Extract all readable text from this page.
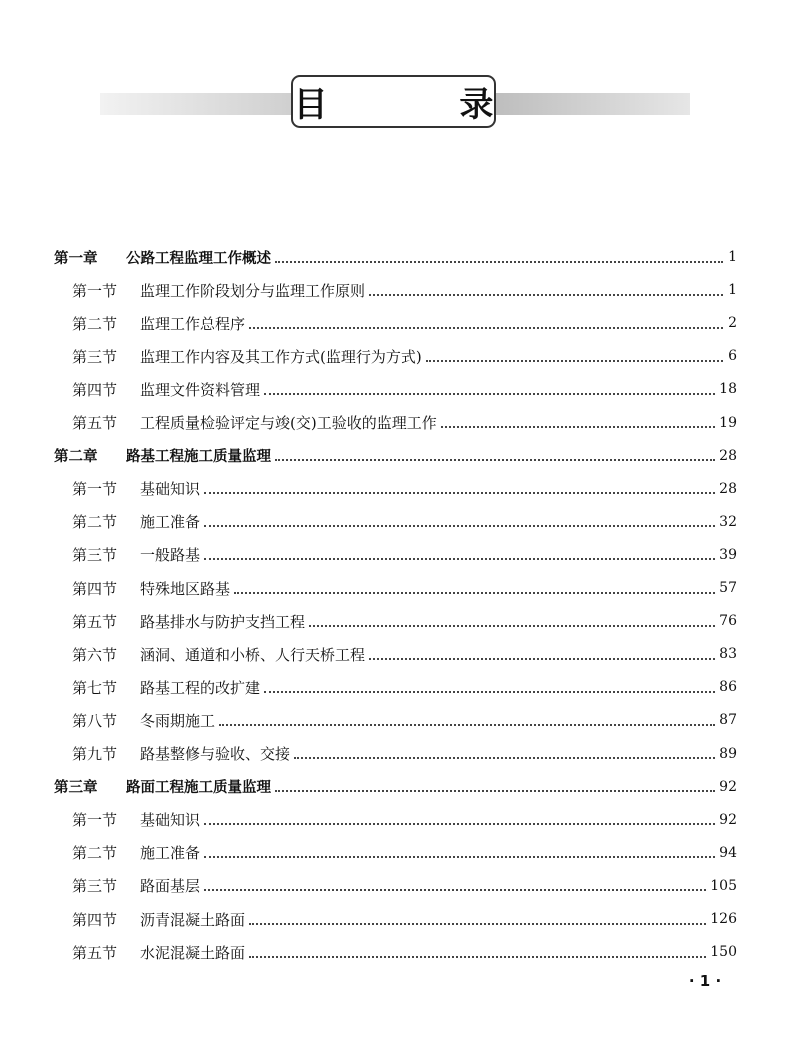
目 录
第一章	公路工程监理工作概述	1
第一节	监理工作阶段划分与监理工作原则	1
第二节	监理工作总程序	2
第三节	监理工作内容及其工作方式(监理行为方式)	6
第四节	监理文件资料管理	18
第五节	工程质量检验评定与竣(交)工验收的监理工作	19
第二章	路基工程施工质量监理	28
第一节	基础知识	28
第二节	施工准备	32
第三节	一般路基	39
第四节	特殊地区路基	57
第五节	路基排水与防护支挡工程	76
第六节	涵洞、通道和小桥、人行天桥工程	83
第七节	路基工程的改扩建	86
第八节	冬雨期施工	87
第九节	路基整修与验收、交接	89
第三章	路面工程施工质量监理	92
第一节	基础知识	92
第二节	施工准备	94
第三节	路面基层	105
第四节	沥青混凝土路面	126
第五节	水泥混凝土路面	150
· 1 ·
